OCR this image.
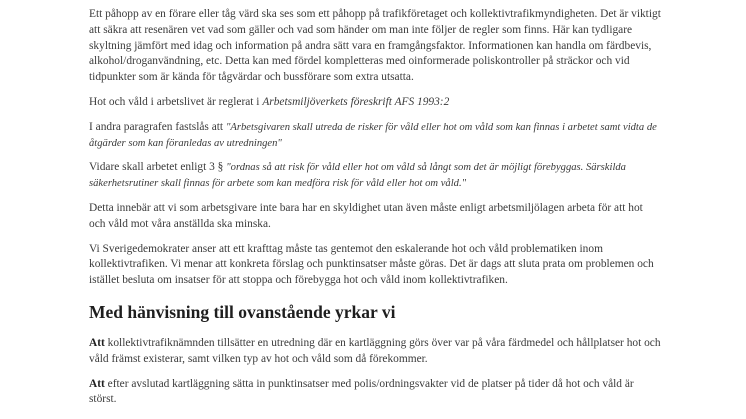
Ett påhopp av en förare eller tåg värd ska ses som ett påhopp på trafikföretaget och kollektivtrafikmyndigheten. Det är viktigt att säkra att resenären vet vad som gäller och vad som händer om man inte följer de regler som finns. Här kan tydligare skyltning jämfört med idag och information på andra sätt vara en framgångsfaktor. Informationen kan handla om färdbevis, alkohol/droganvändning, etc. Detta kan med fördel kompletteras med oinformerade poliskontroller på sträckor och vid tidpunkter som är kända för tågvärdar och bussförare som extra utsatta.

Hot och våld i arbetslivet är reglerat i Arbetsmiljöverkets föreskrift AFS 1993:2

I andra paragrafen fastslås att "Arbetsgivaren skall utreda de risker för våld eller hot om våld som kan finnas i arbetet samt vidta de åtgärder som kan föranledas av utredningen"

Vidare skall arbetet enligt 3 § "ordnas så att risk för våld eller hot om våld så långt som det är möjligt förebyggas. Särskilda säkerhetsrutiner skall finnas för arbete som kan medföra risk för våld eller hot om våld."

Detta innebär att vi som arbetsgivare inte bara har en skyldighet utan även måste enligt arbetsmiljölagen arbeta för att hot och våld mot våra anställda ska minska.

Vi Sverigedemokrater anser att ett krafttag måste tas gentemot den eskalerande hot och våld problematiken inom kollektivtrafiken. Vi menar att konkreta förslag och punktinsatser måste göras. Det är dags att sluta prata om problemen och istället besluta om insatser för att stoppa och förebygga hot och våld inom kollektivtrafiken.

Med hänvisning till ovanstående yrkar vi

Att kollektivtrafiknämnden tillsätter en utredning där en kartläggning görs över var på våra färdmedel och hållplatser hot och våld främst existerar, samt vilken typ av hot och våld som då förekommer.

Att efter avslutad kartläggning sätta in punktinsatser med polis/ordningsvakter vid de platser på tider då hot och våld är störst.
